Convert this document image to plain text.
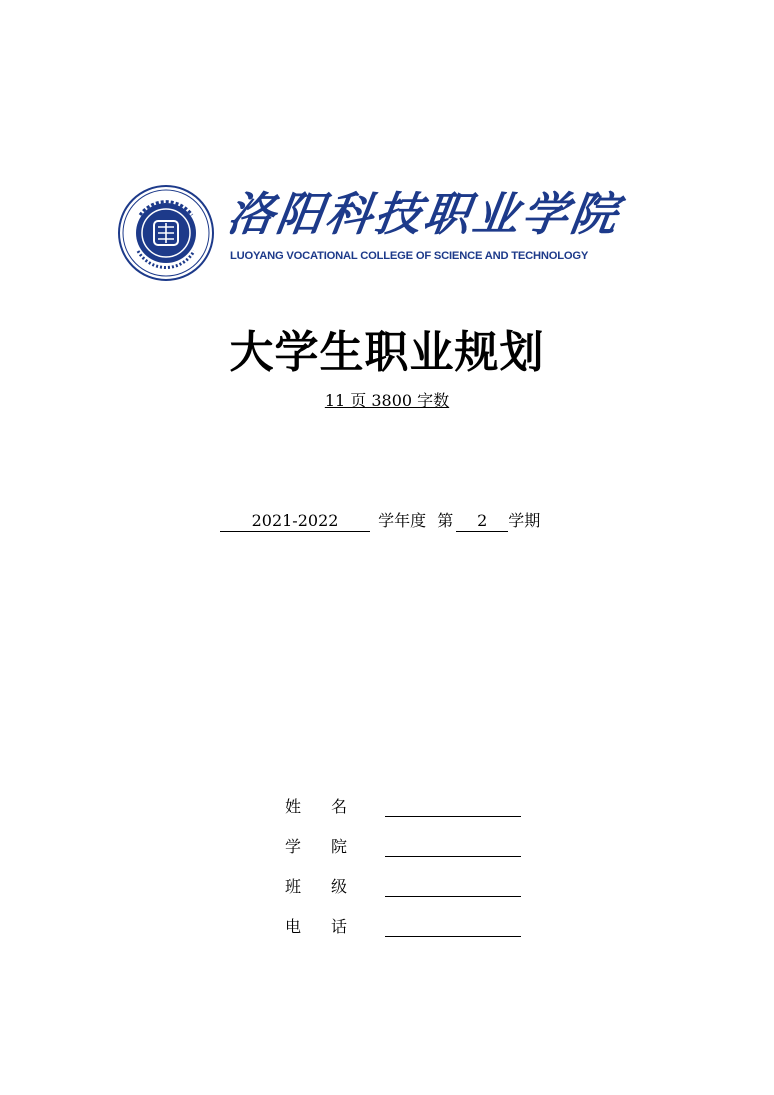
洛阳科技职业学院
LUOYANG VOCATIONAL COLLEGE OF SCIENCE AND TECHNOLOGY
大学生职业规划
11 页 3800 字数
2021-2022 学年度 第 2 学期
姓 名
学 院
班 级
电 话
